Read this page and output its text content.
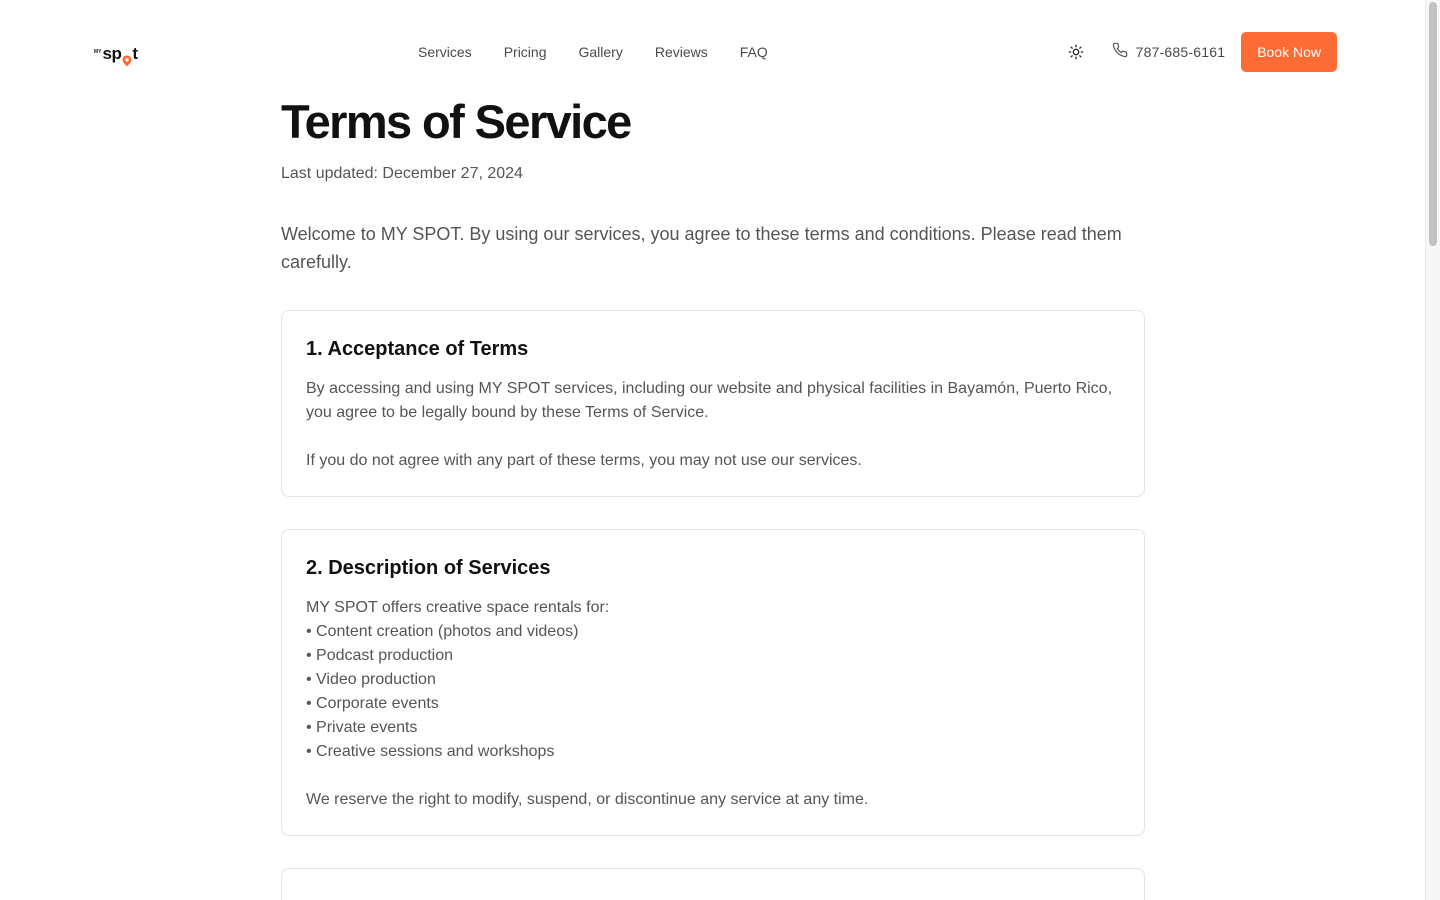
MY sp t	Services Pricing Gallery Reviews FAQ	787-685-6161	Book Now
Terms of Service
Last updated: December 27, 2024

Welcome to MY SPOT. By using our services, you agree to these terms and conditions. Please read them carefully.

1. Acceptance of Terms

By accessing and using MY SPOT services, including our website and physical facilities in Bayamón, Puerto Rico, you agree to be legally bound by these Terms of Service.

If you do not agree with any part of these terms, you may not use our services.

2. Description of Services

MY SPOT offers creative space rentals for:

• Content creation (photos and videos)
• Podcast production
• Video production
• Corporate events
• Private events
• Creative sessions and workshops

We reserve the right to modify, suspend, or discontinue any service at any time.
